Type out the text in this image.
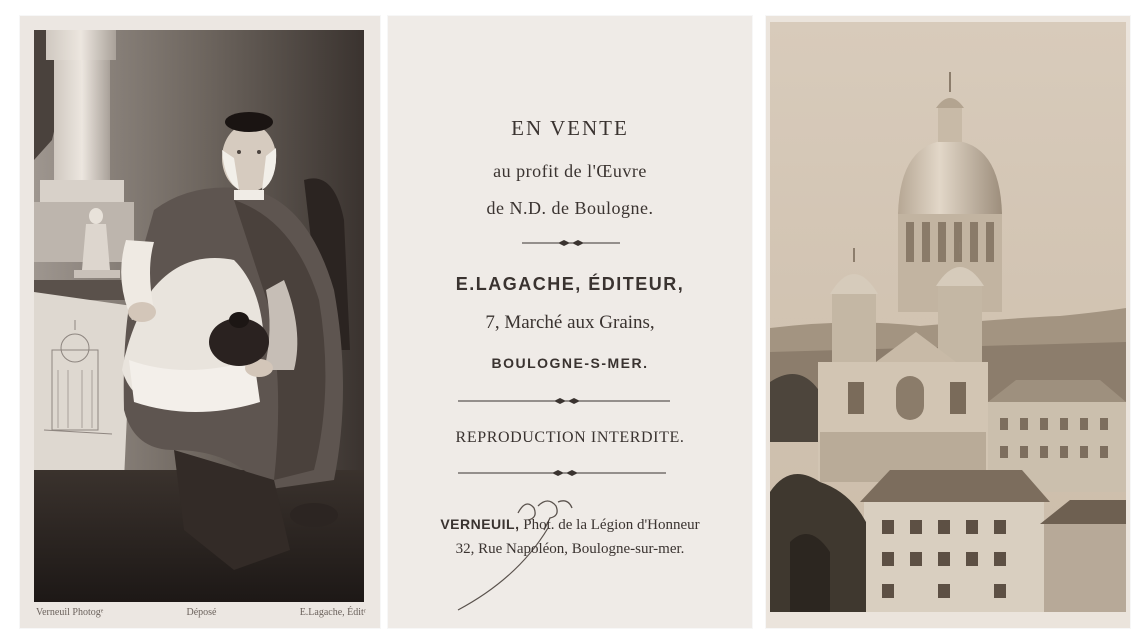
Verneuil Photogᵉ	Déposé	E.Lagache, Éditʳ
EN VENTE
au profit de l'Œuvre
de N.D. de Boulogne.
E.LAGACHE, ÉDITEUR,
7, Marché aux Grains,
BOULOGNE-S-MER.
REPRODUCTION INTERDITE.
VERNEUIL, Phot. de la Légion d'Honneur
32, Rue Napoléon, Boulogne-sur-mer.
